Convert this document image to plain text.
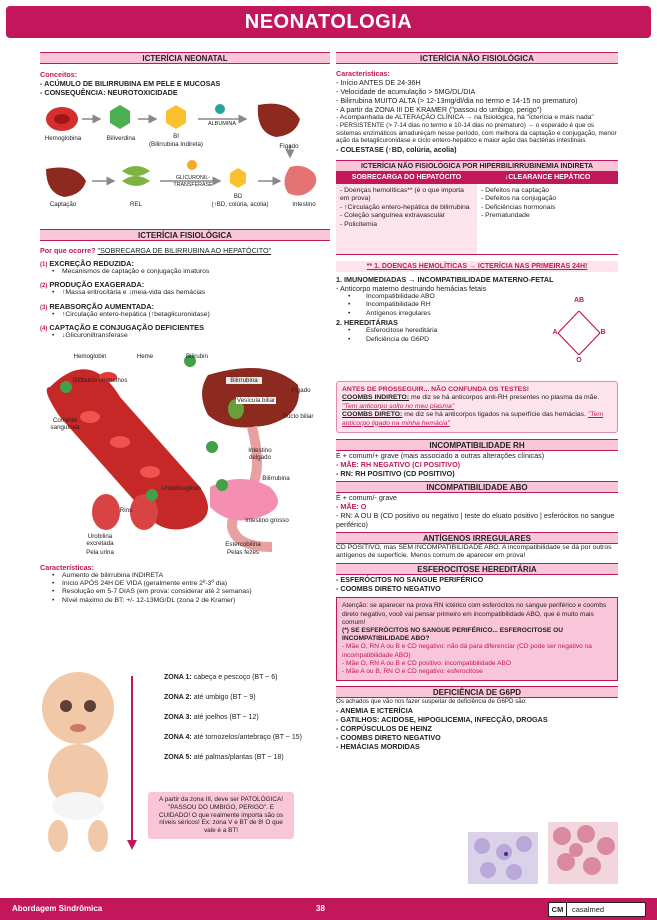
NEONATOLOGIA
ICTERÍCIA NEONATAL
Conceitos:
- ACÚMULO DE BILIRRUBINA EM PELE E MUCOSAS
- CONSEQUÊNCIA: NEUROTOXICIDADE
Hemoglobina	Biliverdina	BI
(Bilirrubina Indireta)
ALBUMINA
Fígado
Captação	REL
GLICURONIL-
TRANSFERASE
BD
(↑BD, colúria, acolia)	Intestino
ICTERÍCIA FISIOLÓGICA
Por que ocorre? "SOBRECARGA DE BILIRRUBINA AO HEPATÓCITO"
(1) EXCREÇÃO REDUZIDA:
• Mecanismos de captação e conjugação imaturos
(2) PRODUÇÃO EXAGERADA:
• ↑Massa eritrocitária e ↓meia-vida das hemácias
(3) REABSORÇÃO AUMENTADA:
• ↑Circulação entero-hepática (↑betaglicuronidase)
(4) CAPTAÇÃO E CONJUGAÇÃO DEFICIENTES
• ↓Glicuroniltransferase
Hemoglobin	Heme	Bilirubin
Glóbulos vermelhos	Bilirrubina
Fígado
Corrente sanguínea
Vesícula biliar
Ducto biliar
Intestino
delgado
Bilirrubina
Urobilinogênio
Rins
Intestino grosso
Urobilina
excretada
Pela urina
Estercobilina
Pelas fezes
Características:
• Aumento de bilirrubina INDIRETA
• Início APÓS 24H DE VIDA (geralmente entre 2º-3º dia)
• Resolução em 5-7 DIAS (em prova: considerar até 2 semanas)
• Nível máximo de BT: +/- 12-13MG/DL (zona 2 de Kramer)
ZONA 1: cabeça e pescoço (BT ~ 6)
ZONA 2: até umbigo (BT ~ 9)
ZONA 3: até joelhos (BT ~ 12)
ZONA 4: até tornozelos/antebraço (BT ~ 15)
ZONA 5: até palmas/plantas (BT ~ 18)
A partir da zona III, deve ser PATOLÓGICA! "PASSOU DO UMBIGO, PERIGO". E CUIDADO! O que realmente importa são os níveis séricos! Ex: zona V e BT de 8! O que vale é a BT!
ICTERÍCIA NÃO FISIOLÓGICA
Características:
- Início ANTES DE 24-36H
- Velocidade de acumulação > 5MG/DL/DIA
- Bilirrubina MUITO ALTA (> 12-13mg/dl/dia no termo e 14-15 no prematuro)
- A partir da ZONA III DE KRAMER ("passou do umbigo, perigo")
- Acompanhada de ALTERAÇÃO CLÍNICA → na fisiológica, há "icterícia e mais nada"
- PERSISTENTE (> 7-14 dias no termo e 10-14 dias no prematuro) → o esperado é que os sistemas enzimáticos amadureçam nesse período, com melhora da captação e conjugação, menor ação da betaglicuronidase e ciclo entero-hepático e maior ação das bactérias intestinais
- COLESTASE (↑BD, colúria, acolia)
ICTERÍCIA NÃO FISIOLÓGICA POR HIPERBILIRRUBINEMIA INDIRETA
SOBRECARGA DO HEPATÓCITO
- Doenças hemolíticas** (é o que importa em prova)
- ↑Circulação entero-hepática de bilirrubina
- Coleção sanguínea extravascular
- Policitemia
↓CLEARANCE HEPÁTICO
- Defeitos na captação
- Defeitos na conjugação
- Deficiências hormonais
- Prematuridade
** 1. DOENÇAS HEMOLÍTICAS → ICTERÍCIA NAS PRIMEIRAS 24H!
1. IMUNOMEDIADAS → INCOMPATIBILIDADE MATERNO-FETAL
- Anticorpo materno destruindo hemácias fetais
• Incompatibilidade ABO
• Incompatibilidade RH
• Antígenos irregulares
2. HEREDITÁRIAS
• Esferocitose hereditária
• Deficiência de G6PD
AB
A	B
O
ANTES DE PROSSEGUIR... NÃO CONFUNDA OS TESTES!
COOMBS INDIRETO: me diz se há anticorpos anti-RH presentes no plasma da mãe. "Tem anticorpo solto no meu plasma"
COOMBS DIRETO: me diz se há anticorpos ligados na superfície das hemácias. "Tem anticorpo ligado na minha hemácia"
INCOMPATIBILIDADE RH
É + comum/+ grave (mais associado a outras alterações clínicas)
- MÃE: RH NEGATIVO (CI POSITIVO)
- RN: RH POSITIVO (CD POSITIVO)
INCOMPATIBILIDADE ABO
É + comum/- grave
- MÃE: O
- RN: A OU B (CD positivo ou negativo | teste do eluato positivo | esferócitos no sangue periférico)
ANTÍGENOS IRREGULARES
CD POSITIVO, mas SEM INCOMPATIBILIDADE ABO. A incompatibilidade se dá por outros antígenos de superfície. Menos comum de aparecer em prova!
ESFEROCITOSE HEREDITÁRIA
- ESFERÓCITOS NO SANGUE PERIFÉRICO
- COOMBS DIRETO NEGATIVO
Atenção: se aparecer na prova RN ictérico com esferócitos no sangue periférico e coombs direto negativo, você vai pensar primeiro em incompatibilidade ABO, que é muito mais comum!
(*) SE ESFERÓCITOS NO SANGUE PERIFÉRICO... ESFEROCITOSE OU INCOMPATIBILIDADE ABO?
- Mãe O, RN A ou B e CD negativo: não dá para diferenciar (CD pode ser negativo na incompatibilidade ABO)
- Mãe O, RN A ou B e CD positivo: incompatibilidade ABO
- Mãe A ou B, RN O e CD negativo: esferocitose
DEFICIÊNCIA DE G6PD
Os achados que vão nos fazer suspeitar de deficiência de G6PD são:
- ANEMIA E ICTERÍCIA
- GATILHOS: ACIDOSE, HIPOGLICEMIA, INFECÇÃO, DROGAS
- CORPÚSCULOS DE HEINZ
- COOMBS DIRETO NEGATIVO
- HEMÁCIAS MORDIDAS
Abordagem Sindrômica	38	CM casalmed
